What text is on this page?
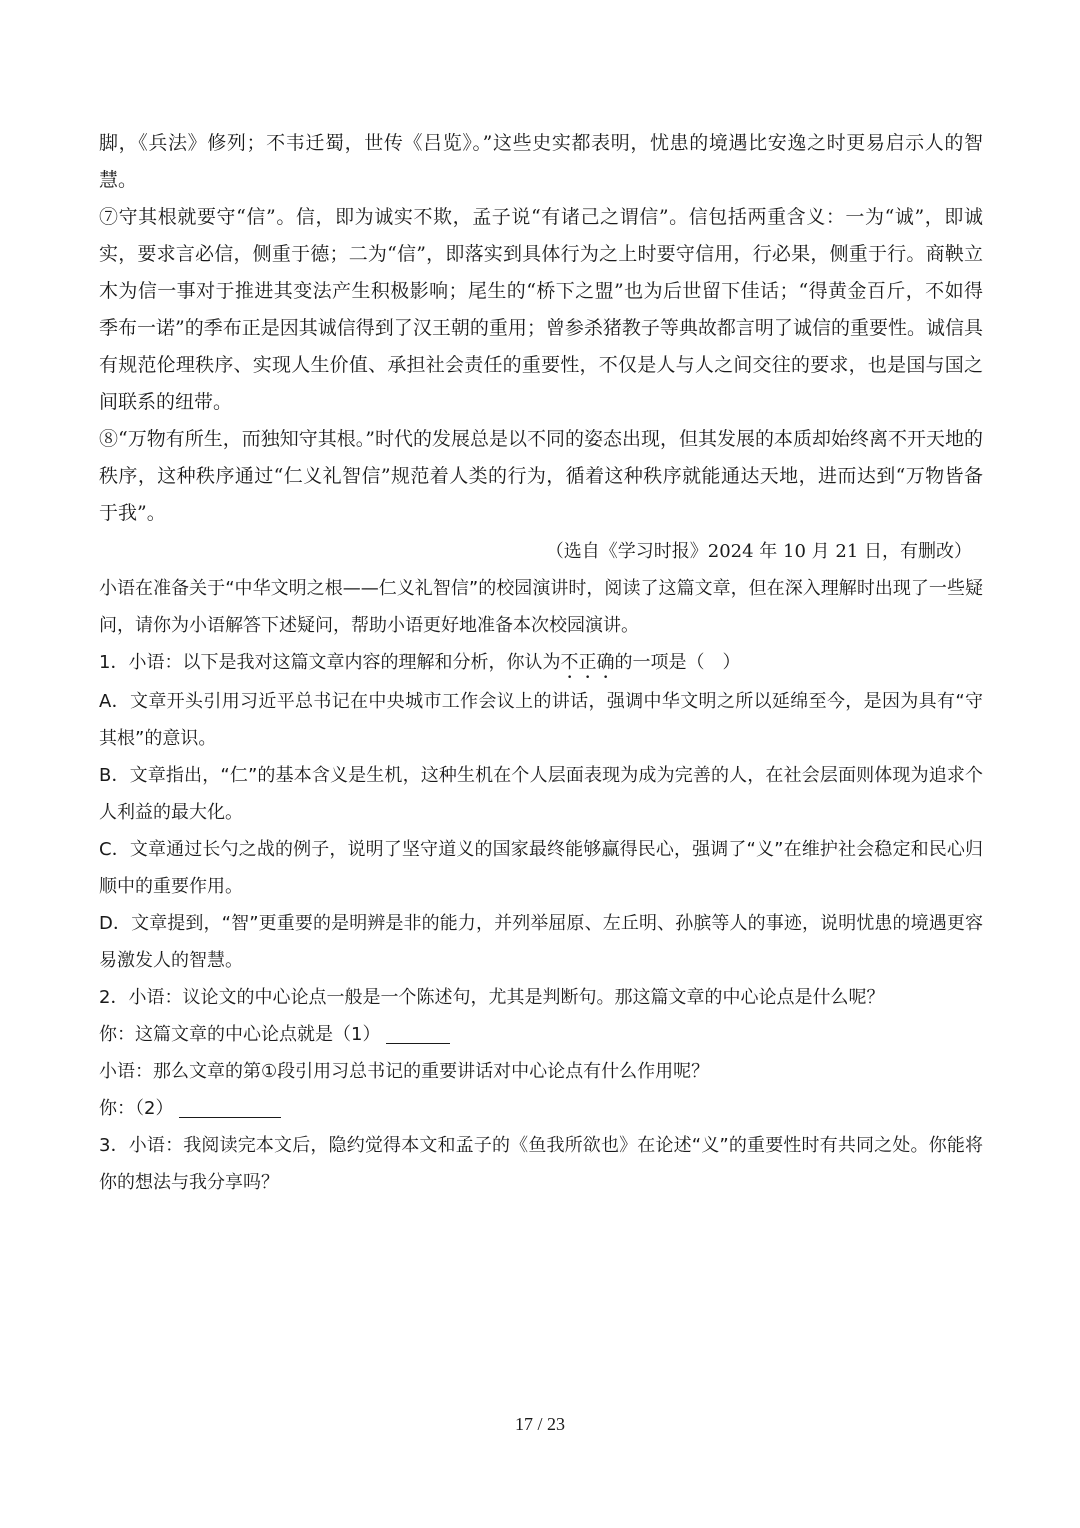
脚，《兵法》修列；不韦迁蜀，世传《吕览》。”这些史实都表明，忧患的境遇比安逸之时更易启示人的智慧。

⑦守其根就要守“信”。信，即为诚实不欺，孟子说“有诸己之谓信”。信包括两重含义：一为“诚”，即诚实，要求言必信，侧重于德；二为“信”，即落实到具体行为之上时要守信用，行必果，侧重于行。商鞅立木为信一事对于推进其变法产生积极影响；尾生的“桥下之盟”也为后世留下佳话；“得黄金百斤，不如得季布一诺”的季布正是因其诚信得到了汉王朝的重用；曾参杀猪教子等典故都言明了诚信的重要性。诚信具有规范伦理秩序、实现人生价值、承担社会责任的重要性，不仅是人与人之间交往的要求，也是国与国之间联系的纽带。

⑧“万物有所生，而独知守其根。”时代的发展总是以不同的姿态出现，但其发展的本质却始终离不开天地的秩序，这种秩序通过“仁义礼智信”规范着人类的行为，循着这种秩序就能通达天地，进而达到“万物皆备于我”。

（选自《学习时报》2024 年 10 月 21 日，有删改）

小语在准备关于“中华文明之根——仁义礼智信”的校园演讲时，阅读了这篇文章，但在深入理解时出现了一些疑问，请你为小语解答下述疑问，帮助小语更好地准备本次校园演讲。

1．小语：以下是我对这篇文章内容的理解和分析，你认为不正确的一项是（　）

A．文章开头引用习近平总书记在中央城市工作会议上的讲话，强调中华文明之所以延绵至今，是因为具有“守其根”的意识。

B．文章指出，“仁”的基本含义是生机，这种生机在个人层面表现为成为完善的人，在社会层面则体现为追求个人利益的最大化。

C．文章通过长勺之战的例子，说明了坚守道义的国家最终能够赢得民心，强调了“义”在维护社会稳定和民心归顺中的重要作用。

D．文章提到，“智”更重要的是明辨是非的能力，并列举屈原、左丘明、孙膑等人的事迹，说明忧患的境遇更容易激发人的智慧。

2．小语：议论文的中心论点一般是一个陈述句，尤其是判断句。那这篇文章的中心论点是什么呢？

你：这篇文章的中心论点就是（1）

小语：那么文章的第①段引用习总书记的重要讲话对中心论点有什么作用呢？

你：（2）

3．小语：我阅读完本文后，隐约觉得本文和孟子的《鱼我所欲也》在论述“义”的重要性时有共同之处。你能将你的想法与我分享吗？

17 / 23
